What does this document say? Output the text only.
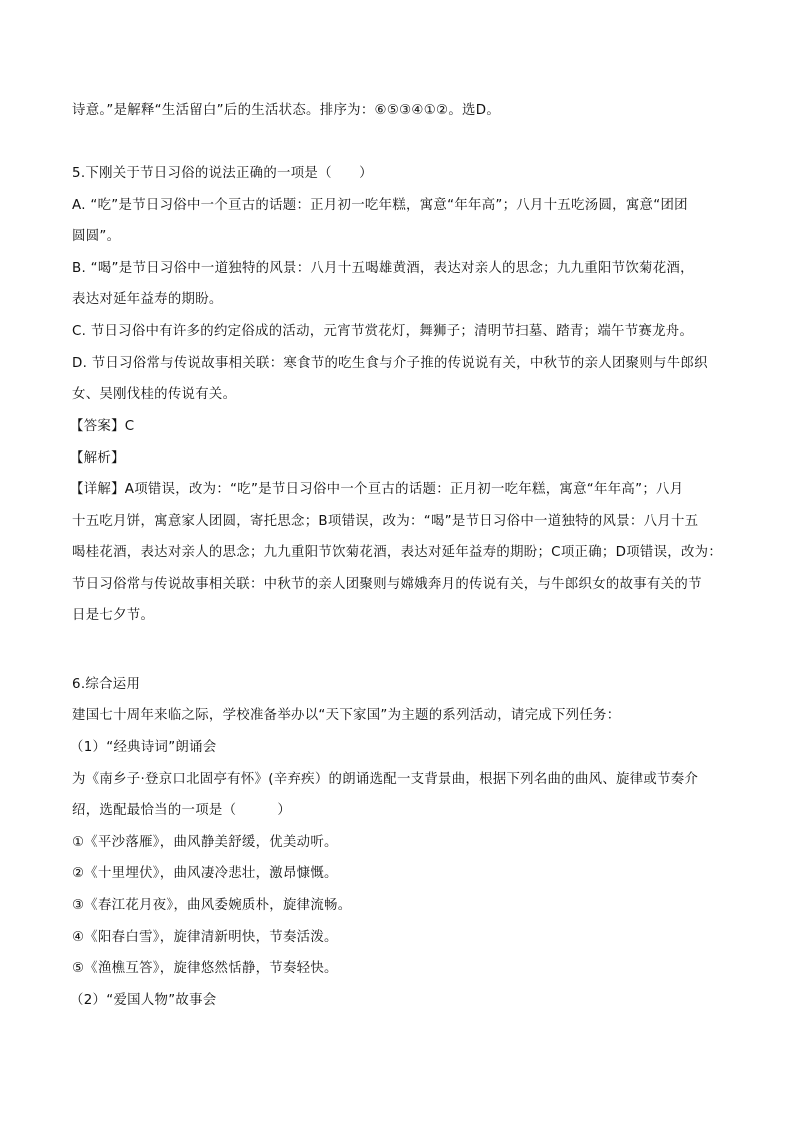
诗意。”是解释“生活留白”后的生活状态。排序为：⑥⑤③④①②。选D。

5.下刚关于节日习俗的说法正确的一项是（　　）

A. “吃”是节日习俗中一个亘古的话题：正月初一吃年糕，寓意“年年高”；八月十五吃汤圆，寓意“团团

圆圆”。

B. “喝”是节日习俗中一道独特的风景：八月十五喝雄黄酒，表达对亲人的思念；九九重阳节饮菊花酒，

表达对延年益寿的期盼。

C. 节日习俗中有许多的约定俗成的活动，元宵节赏花灯，舞狮子；清明节扫墓、踏青；端午节赛龙舟。

D. 节日习俗常与传说故事相关联：寒食节的吃生食与介子推的传说说有关，中秋节的亲人团聚则与牛郎织

女、吴刚伐桂的传说有关。

【答案】C

【解析】

【详解】A项错误，改为：“吃”是节日习俗中一个亘古的话题：正月初一吃年糕，寓意“年年高”；八月

十五吃月饼，寓意家人团圆，寄托思念；B项错误，改为：“喝”是节日习俗中一道独特的风景：八月十五

喝桂花酒，表达对亲人的思念；九九重阳节饮菊花酒，表达对延年益寿的期盼；C项正确；D项错误，改为：

节日习俗常与传说故事相关联：中秋节的亲人团聚则与嫦娥奔月的传说有关，与牛郎织女的故事有关的节

日是七夕节。

6.综合运用

建国七十周年来临之际，学校准备举办以“天下家国”为主题的系列活动，请完成下列任务：

（1）“经典诗词”朗诵会

为《南乡子·登京口北固亭有怀》(辛弃疾）的朗诵选配一支背景曲，根据下列名曲的曲风、旋律或节奏介

绍，选配最恰当的一项是（　　　）

①《平沙落雁》，曲风静美舒缓，优美动听。

②《十里埋伏》，曲风凄冷悲壮，激昂慷慨。

③《春江花月夜》，曲风委婉质朴，旋律流畅。

④《阳春白雪》，旋律清新明快，节奏活泼。

⑤《渔樵互答》，旋律悠然恬静，节奏轻快。

（2）“爱国人物”故事会
